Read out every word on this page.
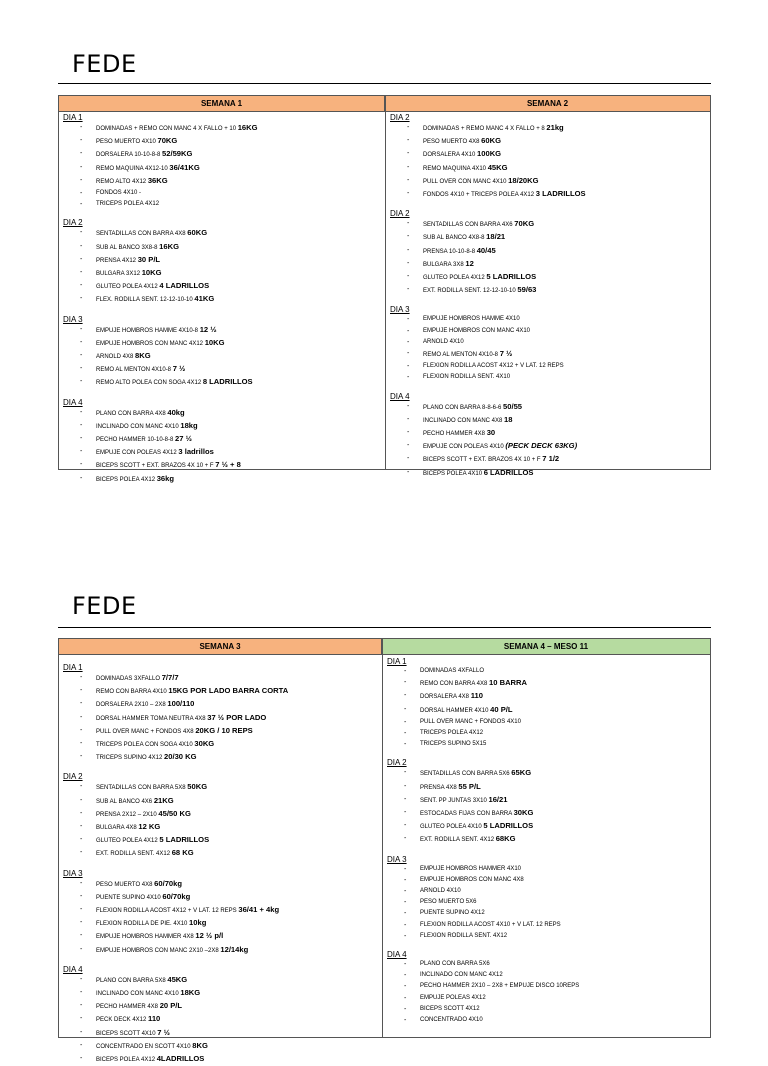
FEDE
SEMANA 1	SEMANA 2
DIA 1
- DOMINADAS + REMO CON MANC 4 X FALLO + 10 16KG
- PESO MUERTO 4X10 70KG
- DORSALERA 10-10-8-8 52/59KG
- REMO MAQUINA 4X12-10 36/41KG
- REMO ALTO 4X12 36KG
- FONDOS 4X10 -
- TRICEPS POLEA 4X12
DIA 2
- SENTADILLAS CON BARRA 4X8 60KG
- SUB AL BANCO 3X8-8 16KG
- PRENSA 4X12 30 P/L
- BULGARA 3X12 10KG
- GLUTEO POLEA 4X12 4 LADRILLOS
- FLEX. RODILLA SENT. 12-12-10-10 41KG
DIA 3
- EMPUJE HOMBROS HAMME 4X10-8 12 ½
- EMPUJE HOMBROS CON MANC 4X12 10KG
- ARNOLD 4X8 8KG
- REMO AL MENTON 4X10-8 7 ½
- REMO ALTO POLEA CON SOGA 4X12 8 LADRILLOS
DIA 4
- PLANO CON BARRA 4X8 40kg
- INCLINADO CON MANC 4X10 18kg
- PECHO HAMMER 10-10-8-8 27 ½
- EMPUJE CON POLEAS 4X12 3 ladrillos
- BICEPS SCOTT + EXT. BRAZOS 4X 10 + F 7 ½ + 8
- BICEPS POLEA 4X12 36kg
DIA 2
- DOMINADAS + REMO MANC 4 X FALLO + 8 21kg
- PESO MUERTO 4X8 60KG
- DORSALERA 4X10 100KG
- REMO MAQUINA 4X10 45KG
- PULL OVER CON MANC 4X10 18/20KG
- FONDOS 4X10 + TRICEPS POLEA 4X12 3 LADRILLOS
DIA 2
- SENTADILLAS CON BARRA 4X6 70KG
- SUB AL BANCO 4X8-8 18/21
- PRENSA 10-10-8-8 40/45
- BULGARA 3X8 12
- GLUTEO POLEA 4X12 5 LADRILLOS
- EXT. RODILLA SENT. 12-12-10-10 59/63
DIA 3
- EMPUJE HOMBROS HAMME 4X10
- EMPUJE HOMBROS CON MANC 4X10
- ARNOLD 4X10
- REMO AL MENTON 4X10-8 7 ½
- FLEXION RODILLA ACOST 4X12 + V LAT. 12 REPS
- FLEXION RODILLA SENT. 4X10
DIA 4
- PLANO CON BARRA 8-8-6-6 50/55
- INCLINADO CON MANC 4X8 18
- PECHO HAMMER 4X8 30
- EMPUJE CON POLEAS 4X10 (PECK DECK 63KG)
- BICEPS SCOTT + EXT. BRAZOS 4X 10 + F 7 1/2
- BICEPS POLEA 4X10 6 LADRILLOS
FEDE
SEMANA 3	SEMANA 4 – MESO 11
DIA 1
- DOMINADAS 3XFALLO 7/7/7
- REMO CON BARRA 4X10 15KG POR LADO BARRA CORTA
- DORSALERA 2X10 – 2X8 100/110
- DORSAL HAMMER TOMA NEUTRA 4X8 37 ½ POR LADO
- PULL OVER MANC + FONDOS 4X8 20KG / 10 REPS
- TRICEPS POLEA CON SOGA 4X10 30KG
- TRICEPS SUPINO 4X12 20/30 KG
DIA 2
- SENTADILLAS CON BARRA 5X8 50KG
- SUB AL BANCO 4X6 21KG
- PRENSA 2X12 – 2X10 45/50 KG
- BULGARA 4X8 12 KG
- GLUTEO POLEA 4X12 5 LADRILLOS
- EXT. RODILLA SENT. 4X12 68 KG
DIA 3
- PESO MUERTO 4X8 60/70kg
- PUENTE SUPINO 4X10 60/70kg
- FLEXION RODILLA ACOST 4X12 + V LAT. 12 REPS 36/41 + 4kg
- FLEXION RODILLA DE PIE. 4X10 10kg
- EMPUJE HOMBROS HAMMER 4X8 12 ½ p/l
- EMPUJE HOMBROS CON MANC 2X10 –2X8 12/14kg
DIA 4
- PLANO CON BARRA 5X8 45KG
- INCLINADO CON MANC 4X10 18KG
- PECHO HAMMER 4X8 20 P/L
- PECK DECK 4X12 110
- BICEPS SCOTT 4X10 7 ½
- CONCENTRADO EN SCOTT 4X10 8KG
- BICEPS POLEA 4X12 4LADRILLOS
DIA 1
- DOMINADAS 4XFALLO
- REMO CON BARRA 4X8 10 BARRA
- DORSALERA 4X8 110
- DORSAL HAMMER 4X10 40 P/L
- PULL OVER MANC + FONDOS 4X10
- TRICEPS POLEA 4X12
- TRICEPS SUPINO 5X15
DIA 2
- SENTADILLAS CON BARRA 5X6 65KG
- PRENSA 4X8 55 P/L
- SENT. PP JUNTAS 3X10 16/21
- ESTOCADAS FIJAS CON BARRA 30KG
- GLUTEO POLEA 4X10 5 LADRILLOS
- EXT. RODILLA SENT. 4X12 68KG
DIA 3
- EMPUJE HOMBROS HAMMER 4X10
- EMPUJE HOMBROS CON MANC 4X8
- ARNOLD 4X10
- PESO MUERTO 5X6
- PUENTE SUPINO 4X12
- FLEXION RODILLA ACOST 4X10 + V LAT. 12 REPS
- FLEXION RODILLA SENT. 4X12
DIA 4
- PLANO CON BARRA 5X6
- INCLINADO CON MANC 4X12
- PECHO HAMMER 2X10 – 2X8 + EMPUJE DISCO 10REPS
- EMPUJE POLEAS 4X12
- BICEPS SCOTT 4X12
- CONCENTRADO 4X10
